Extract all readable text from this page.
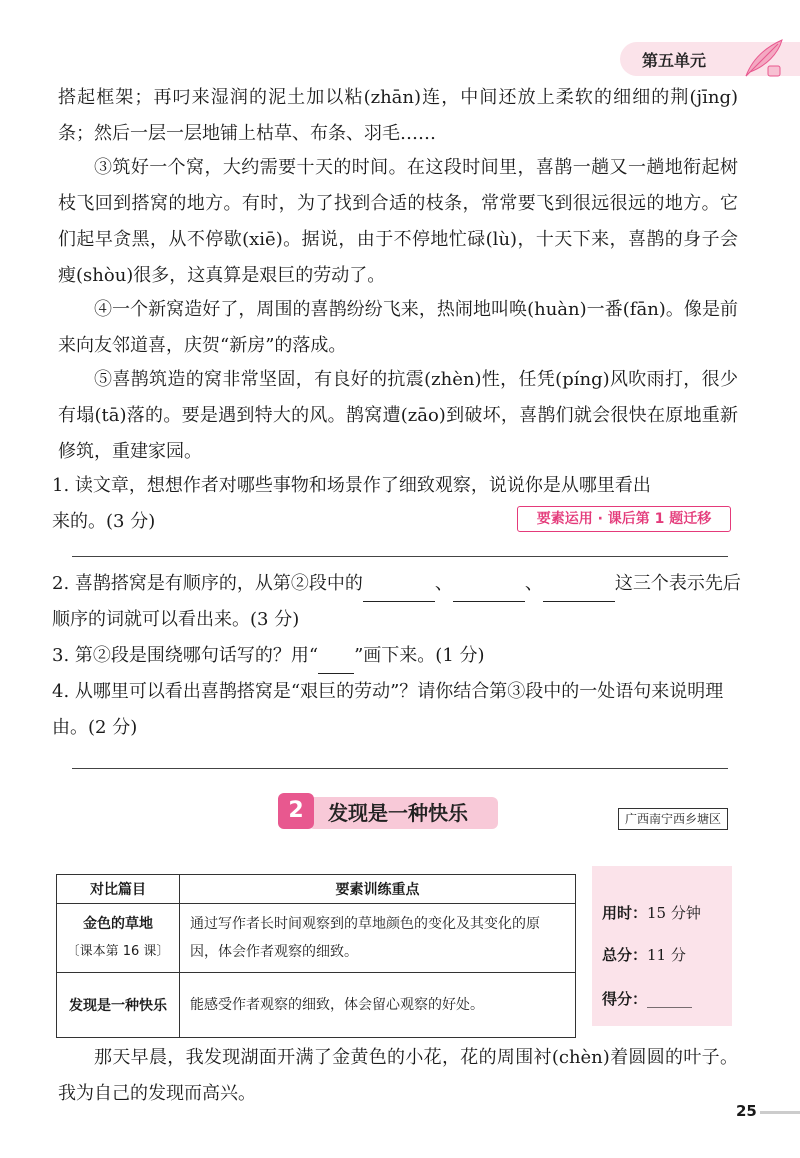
第五单元
搭起框架；再叼来湿润的泥土加以粘(zhān)连，中间还放上柔软的细细的荆(jīng)条；然后一层一层地铺上枯草、布条、羽毛……
③筑好一个窝，大约需要十天的时间。在这段时间里，喜鹊一趟又一趟地衔起树枝飞回到搭窝的地方。有时，为了找到合适的枝条，常常要飞到很远很远的地方。它们起早贪黑，从不停歇(xiē)。据说，由于不停地忙碌(lù)，十天下来，喜鹊的身子会瘦(shòu)很多，这真算是艰巨的劳动了。
④一个新窝造好了，周围的喜鹊纷纷飞来，热闹地叫唤(huàn)一番(fān)。像是前来向友邻道喜，庆贺“新房”的落成。
⑤喜鹊筑造的窝非常坚固，有良好的抗震(zhèn)性，任凭(píng)风吹雨打，很少有塌(tā)落的。要是遇到特大的风。鹊窝遭(zāo)到破坏，喜鹊们就会很快在原地重新修筑，重建家园。
1. 读文章，想想作者对哪些事物和场景作了细致观察，说说你是从哪里看出来的。(3 分)	要素运用 · 课后第 1 题迁移
2. 喜鹊搭窝是有顺序的，从第②段中的	、	、	这三个表示先后顺序的词就可以看出来。(3 分)
3. 第②段是围绕哪句话写的？用“ ”画下来。(1 分)
4. 从哪里可以看出喜鹊搭窝是“艰巨的劳动”？请你结合第③段中的一处语句来说明理由。(2 分)
2	发现是一种快乐	广西南宁西乡塘区
对比篇目	要素训练重点

金色的草地
〔课本第 16 课〕	通过写作者长时间观察到的草地颜色的变化及其变化的原因，体会作者观察的细致。
发现是一种快乐	能感受作者观察的细致，体会留心观察的好处。
用时：15 分钟
总分：11 分
得分：______
那天早晨，我发现湖面开满了金黄色的小花，花的周围衬(chèn)着圆圆的叶子。我为自己的发现而高兴。
25
